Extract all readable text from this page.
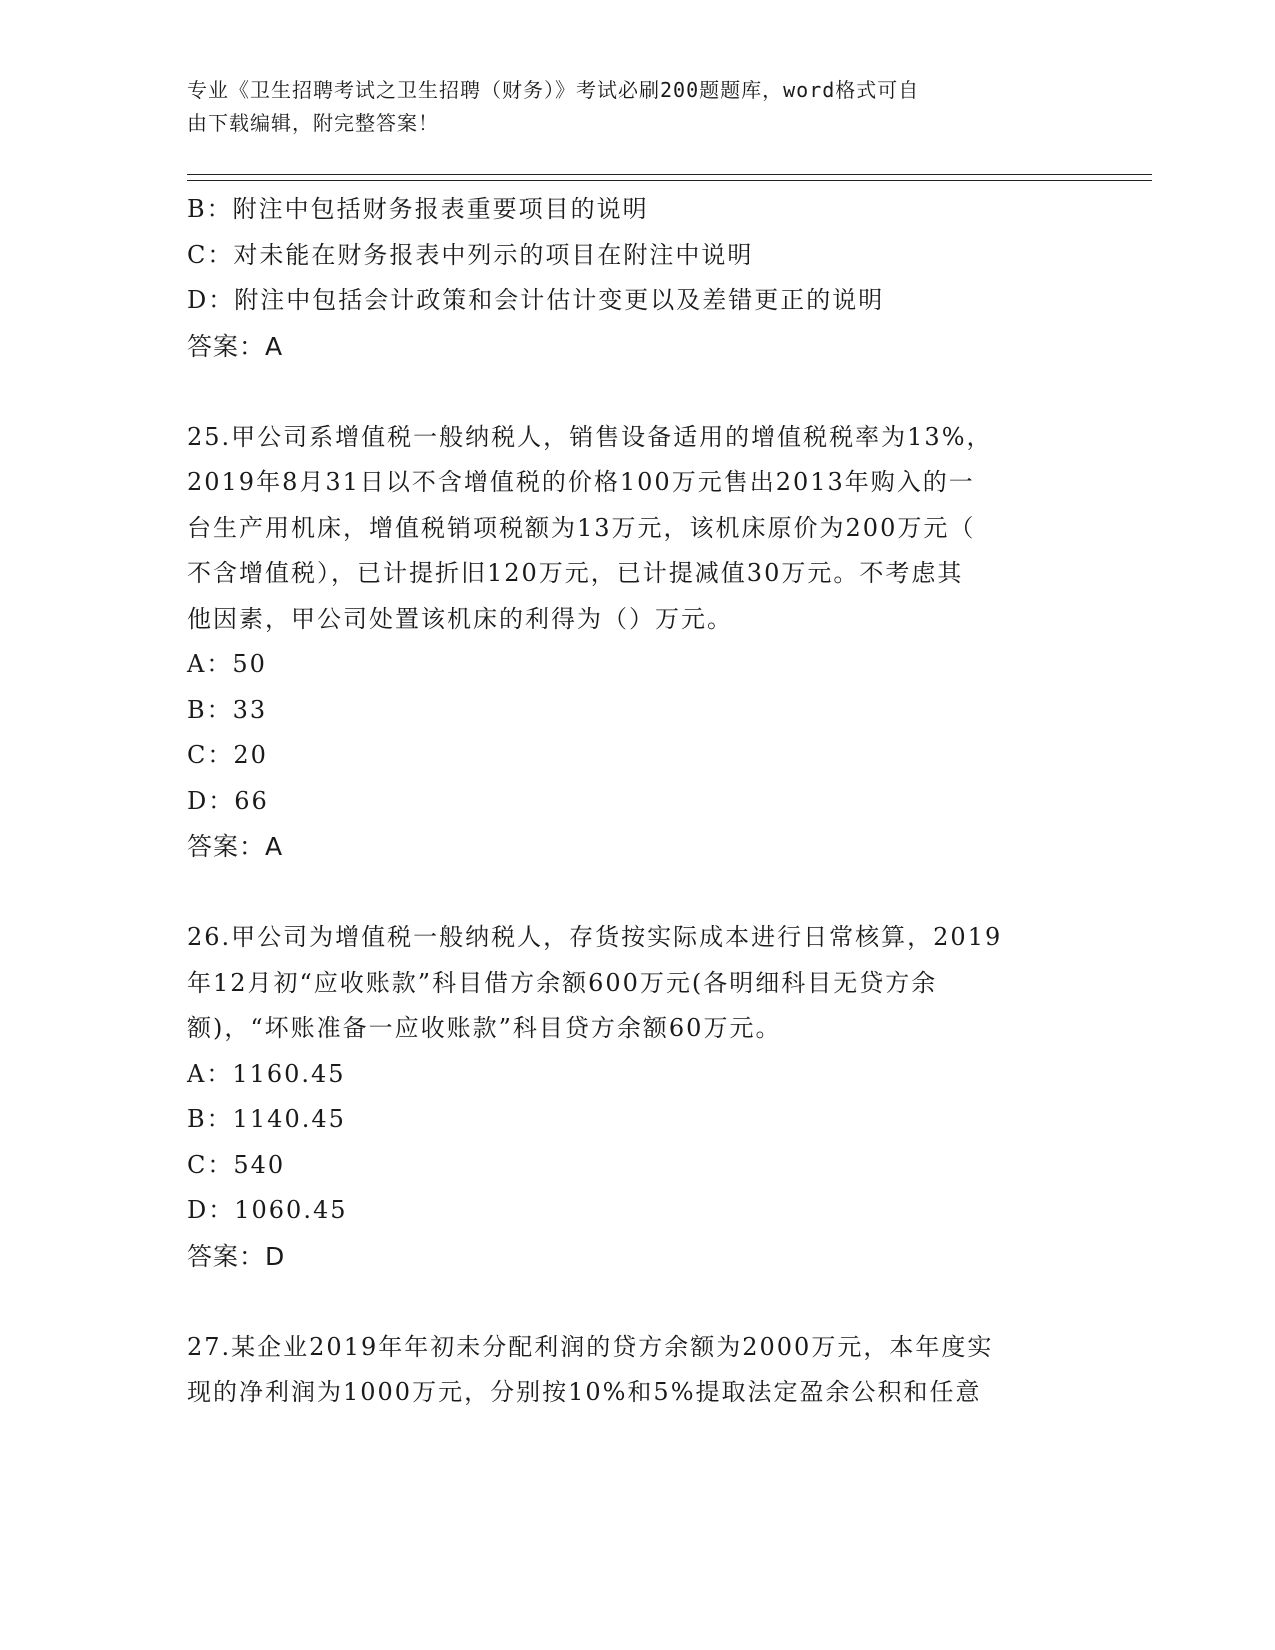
专业《卫生招聘考试之卫生招聘（财务）》考试必刷200题题库，word格式可自
由下载编辑，附完整答案！
B：附注中包括财务报表重要项目的说明
C：对未能在财务报表中列示的项目在附注中说明
D：附注中包括会计政策和会计估计变更以及差错更正的说明
答案：A
25.甲公司系增值税一般纳税人，销售设备适用的增值税税率为13%，
2019年8月31日以不含增值税的价格100万元售出2013年购入的一
台生产用机床，增值税销项税额为13万元，该机床原价为200万元（
不含增值税），已计提折旧120万元，已计提减值30万元。不考虑其
他因素，甲公司处置该机床的利得为（）万元。
A：50
B：33
C：20
D：66
答案：A
26.甲公司为增值税一般纳税人，存货按实际成本进行日常核算，2019
年12月初“应收账款”科目借方余额600万元(各明细科目无贷方余
额)，“坏账准备一应收账款”科目贷方余额60万元。
A：1160.45
B：1140.45
C：540
D：1060.45
答案：D
27.某企业2019年年初未分配利润的贷方余额为2000万元，本年度实
现的净利润为1000万元，分别按10%和5%提取法定盈余公积和任意
